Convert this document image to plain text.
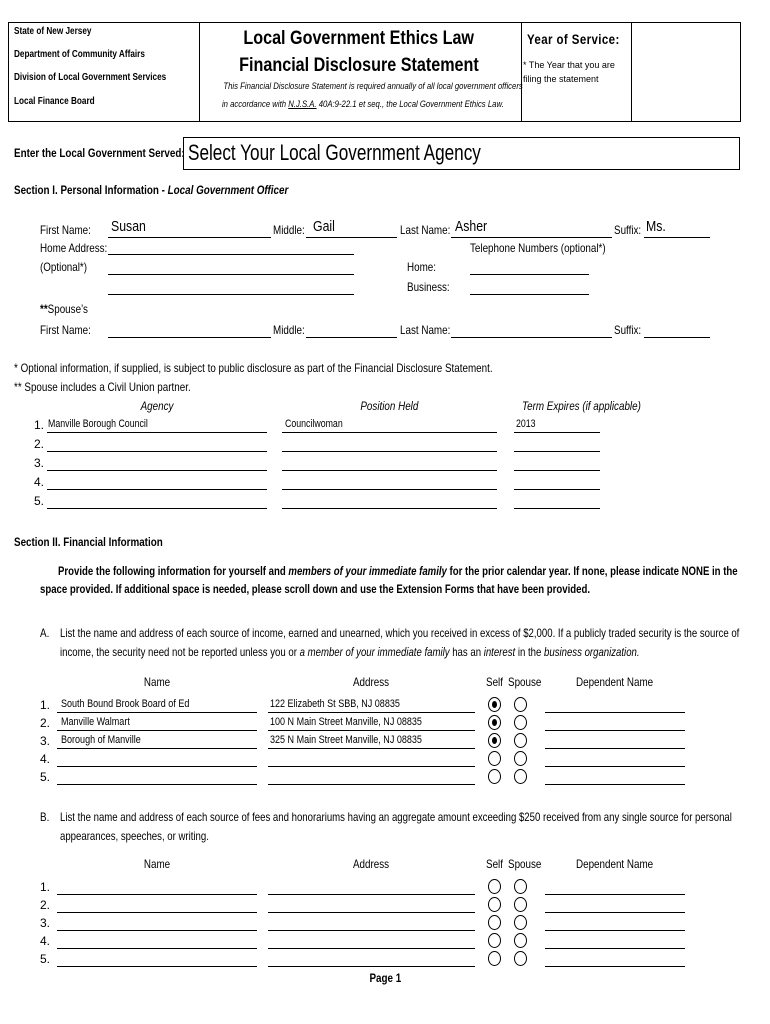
State of New Jersey
Department of Community Affairs
Division of Local Government Services
Local Finance Board
Local Government Ethics Law
Financial Disclosure Statement
This Financial Disclosure Statement is required annually of all local government officers
in accordance with N.J.S.A. 40A:9-22.1 et seq., the Local Government Ethics Law.
Year of Service:
* The Year that you are filing the statement
Enter the Local Government Served: Select Your Local Government Agency
Section I. Personal Information - Local Government Officer
First Name:	Susan	Middle: Gail	Last Name: Asher	Suffix: Ms.
Home Address:
(Optional*)
Telephone Numbers (optional*)
Home:
Business:
**Spouse’s
First Name:	Middle:	Last Name:	Suffix:
* Optional information, if supplied, is subject to public disclosure as part of the Financial Disclosure Statement.
** Spouse includes a Civil Union partner.
Agency	Position Held	Term Expires (if applicable)
1. Manville Borough Council	Councilwoman	2013
2.
3.
4.
5.
Section II. Financial Information
Provide the following information for yourself and members of your immediate family for the prior calendar year. If none, please indicate NONE in the
space provided. If additional space is needed, please scroll down and use the Extension Forms that have been provided.
A. List the name and address of each source of income, earned and unearned, which you received in excess of $2,000. If a publicly traded security is the source of
income, the security need not be reported unless you or a member of your immediate family has an interest in the business organization.
Name	Address	Self Spouse	Dependent Name
1. South Bound Brook Board of Ed	122 Elizabeth St SBB, NJ 08835
2. Manville Walmart	100 N Main Street Manville, NJ 08835
3. Borough of Manville	325 N Main Street Manville, NJ 08835
4.
5.
B. List the name and address of each source of fees and honorariums having an aggregate amount exceeding $250 received from any single source for personal
appearances, speeches, or writing.
Name	Address	Self Spouse	Dependent Name
1.
2.
3.
4.
5.
Page 1
